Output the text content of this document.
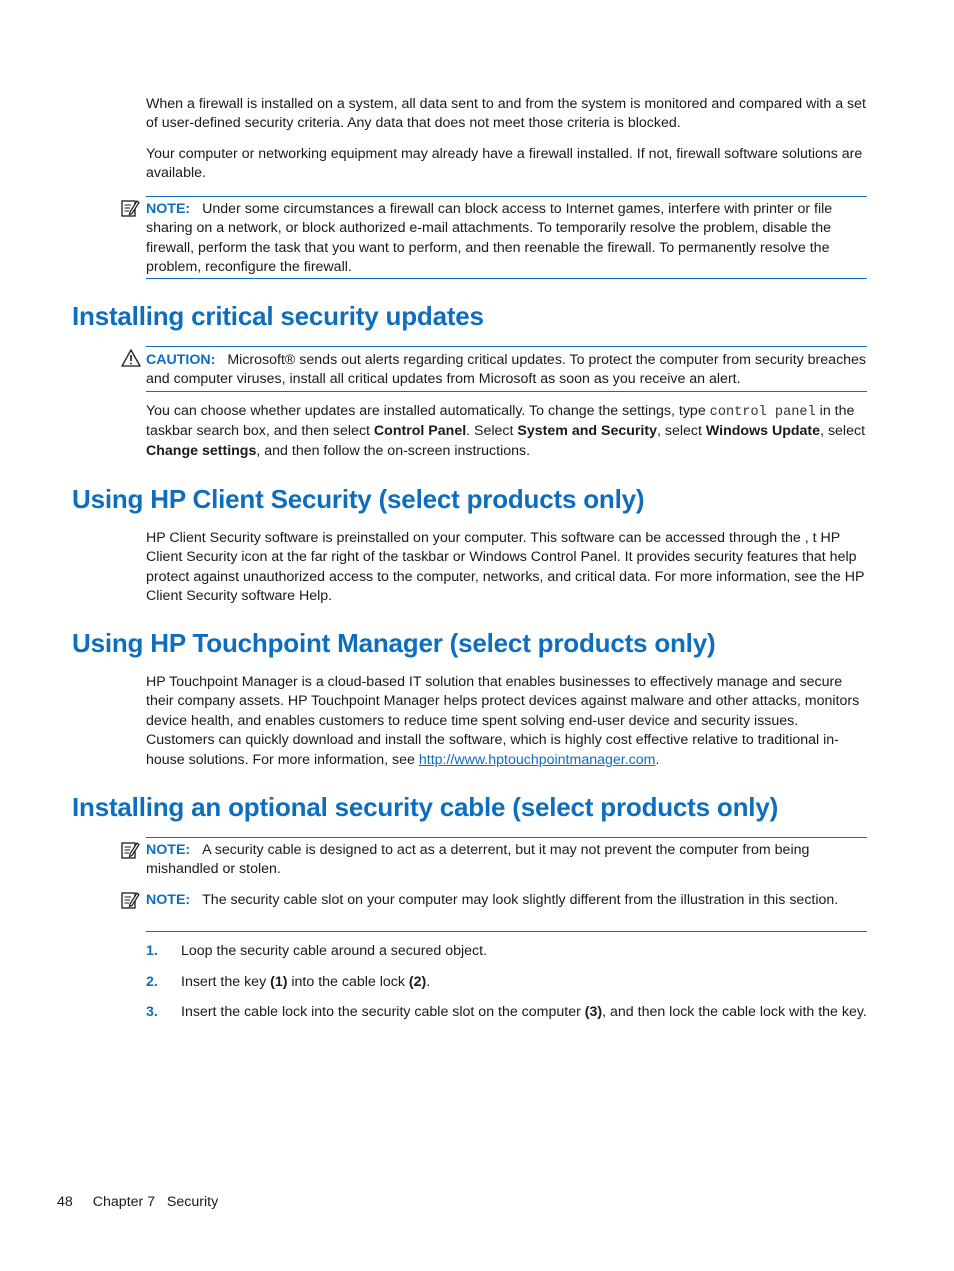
When a firewall is installed on a system, all data sent to and from the system is monitored and compared with a set of user-defined security criteria. Any data that does not meet those criteria is blocked.

Your computer or networking equipment may already have a firewall installed. If not, firewall software solutions are available.

NOTE: Under some circumstances a firewall can block access to Internet games, interfere with printer or file sharing on a network, or block authorized e-mail attachments. To temporarily resolve the problem, disable the firewall, perform the task that you want to perform, and then reenable the firewall. To permanently resolve the problem, reconfigure the firewall.

Installing critical security updates

CAUTION: Microsoft® sends out alerts regarding critical updates. To protect the computer from security breaches and computer viruses, install all critical updates from Microsoft as soon as you receive an alert.

You can choose whether updates are installed automatically. To change the settings, type control panel in the taskbar search box, and then select Control Panel. Select System and Security, select Windows Update, select Change settings, and then follow the on-screen instructions.

Using HP Client Security (select products only)

HP Client Security software is preinstalled on your computer. This software can be accessed through the , t HP Client Security icon at the far right of the taskbar or Windows Control Panel. It provides security features that help protect against unauthorized access to the computer, networks, and critical data. For more information, see the HP Client Security software Help.

Using HP Touchpoint Manager (select products only)

HP Touchpoint Manager is a cloud-based IT solution that enables businesses to effectively manage and secure their company assets. HP Touchpoint Manager helps protect devices against malware and other attacks, monitors device health, and enables customers to reduce time spent solving end-user device and security issues. Customers can quickly download and install the software, which is highly cost effective relative to traditional in-house solutions. For more information, see http://www.hptouchpointmanager.com.

Installing an optional security cable (select products only)

NOTE: A security cable is designed to act as a deterrent, but it may not prevent the computer from being mishandled or stolen.

NOTE: The security cable slot on your computer may look slightly different from the illustration in this section.

1. Loop the security cable around a secured object.
2. Insert the key (1) into the cable lock (2).
3. Insert the cable lock into the security cable slot on the computer (3), and then lock the cable lock with the key.
48 Chapter 7   Security
